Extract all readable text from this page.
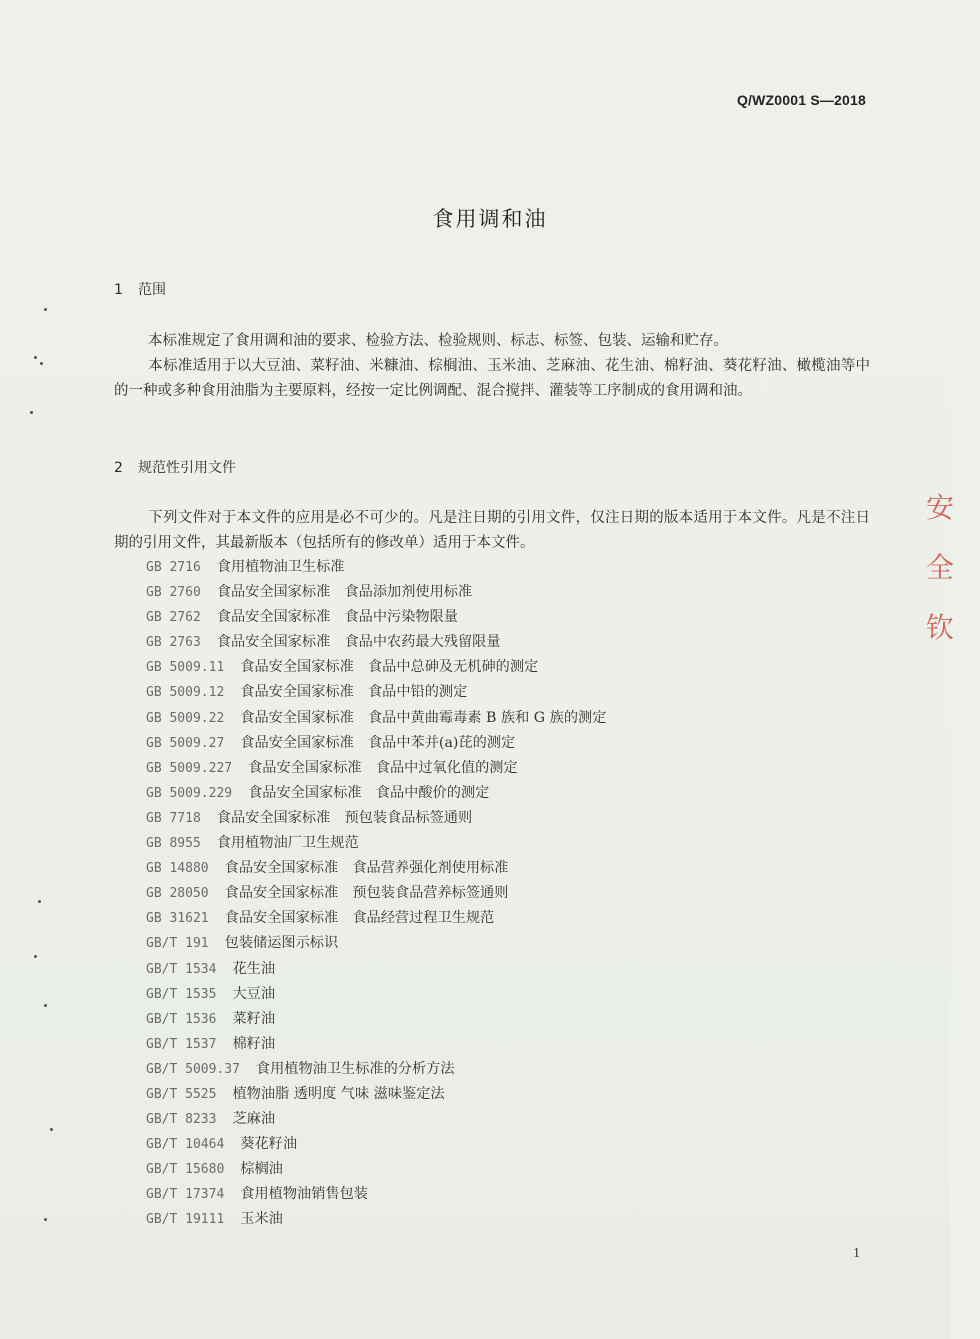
Q/WZ0001 S—2018
食用调和油
1 范围
本标准规定了食用调和油的要求、检验方法、检验规则、标志、标签、包装、运输和贮存。
本标准适用于以大豆油、菜籽油、米糠油、棕榈油、玉米油、芝麻油、花生油、棉籽油、葵花籽油、橄榄油等中的一种或多种食用油脂为主要原料，经按一定比例调配、混合搅拌、灌装等工序制成的食用调和油。
2 规范性引用文件
下列文件对于本文件的应用是必不可少的。凡是注日期的引用文件，仅注日期的版本适用于本文件。凡是不注日期的引用文件，其最新版本（包括所有的修改单）适用于本文件。
GB 2716 食用植物油卫生标准
GB 2760 食品安全国家标准　食品添加剂使用标准
GB 2762 食品安全国家标准　食品中污染物限量
GB 2763 食品安全国家标准　食品中农药最大残留限量
GB 5009.11 食品安全国家标准　食品中总砷及无机砷的测定
GB 5009.12 食品安全国家标准　食品中铅的测定
GB 5009.22 食品安全国家标准　食品中黄曲霉毒素 B 族和 G 族的测定
GB 5009.27 食品安全国家标准　食品中苯并(a)芘的测定
GB 5009.227 食品安全国家标准　食品中过氧化值的测定
GB 5009.229 食品安全国家标准　食品中酸价的测定
GB 7718 食品安全国家标准　预包装食品标签通则
GB 8955 食用植物油厂卫生规范
GB 14880 食品安全国家标准　食品营养强化剂使用标准
GB 28050 食品安全国家标准　预包装食品营养标签通则
GB 31621 食品安全国家标准　食品经营过程卫生规范
GB/T 191 包装储运图示标识
GB/T 1534 花生油
GB/T 1535 大豆油
GB/T 1536 菜籽油
GB/T 1537 棉籽油
GB/T 5009.37 食用植物油卫生标准的分析方法
GB/T 5525 植物油脂 透明度 气味 滋味鉴定法
GB/T 8233 芝麻油
GB/T 10464 葵花籽油
GB/T 15680 棕榈油
GB/T 17374 食用植物油销售包装
GB/T 19111 玉米油
1
安
全
钦
